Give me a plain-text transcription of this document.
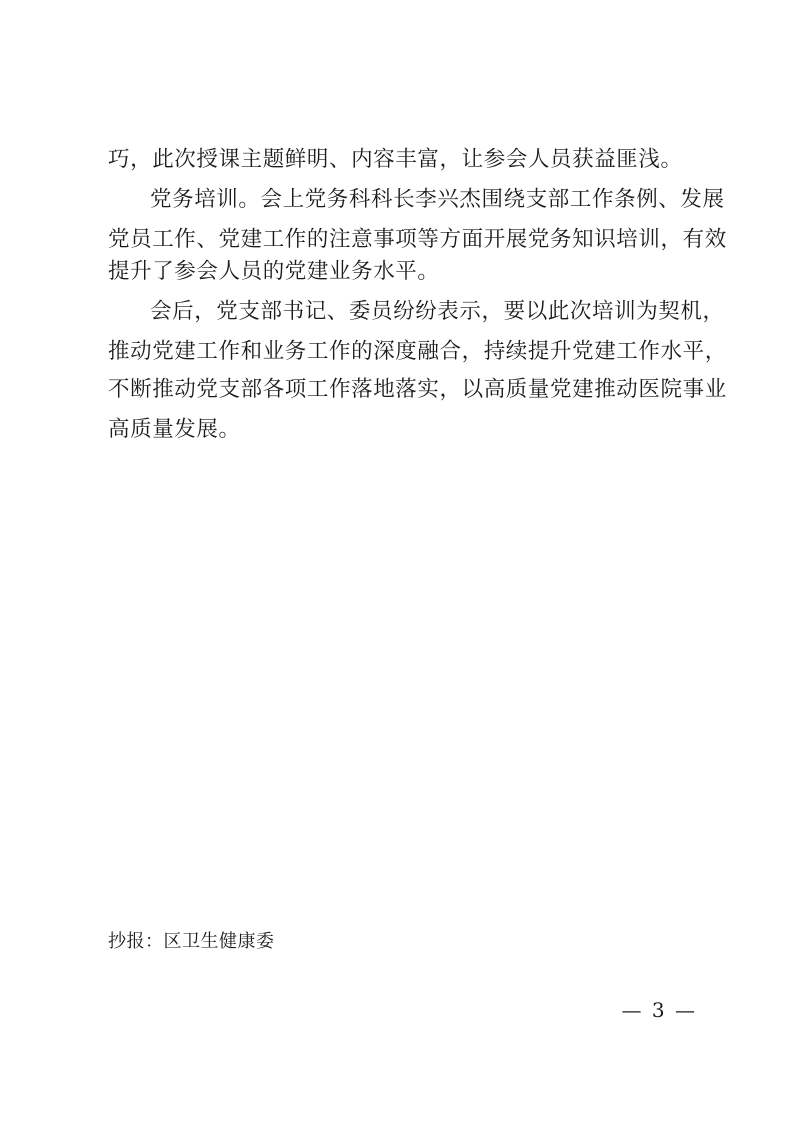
巧，此次授课主题鲜明、内容丰富，让参会人员获益匪浅。
党务培训。会上党务科科长李兴杰围绕支部工作条例、发展
党员工作、党建工作的注意事项等方面开展党务知识培训，有效
提升了参会人员的党建业务水平。
会后，党支部书记、委员纷纷表示，要以此次培训为契机，
推动党建工作和业务工作的深度融合，持续提升党建工作水平，
不断推动党支部各项工作落地落实，以高质量党建推动医院事业
高质量发展。
抄报：区卫生健康委
— 3 —
